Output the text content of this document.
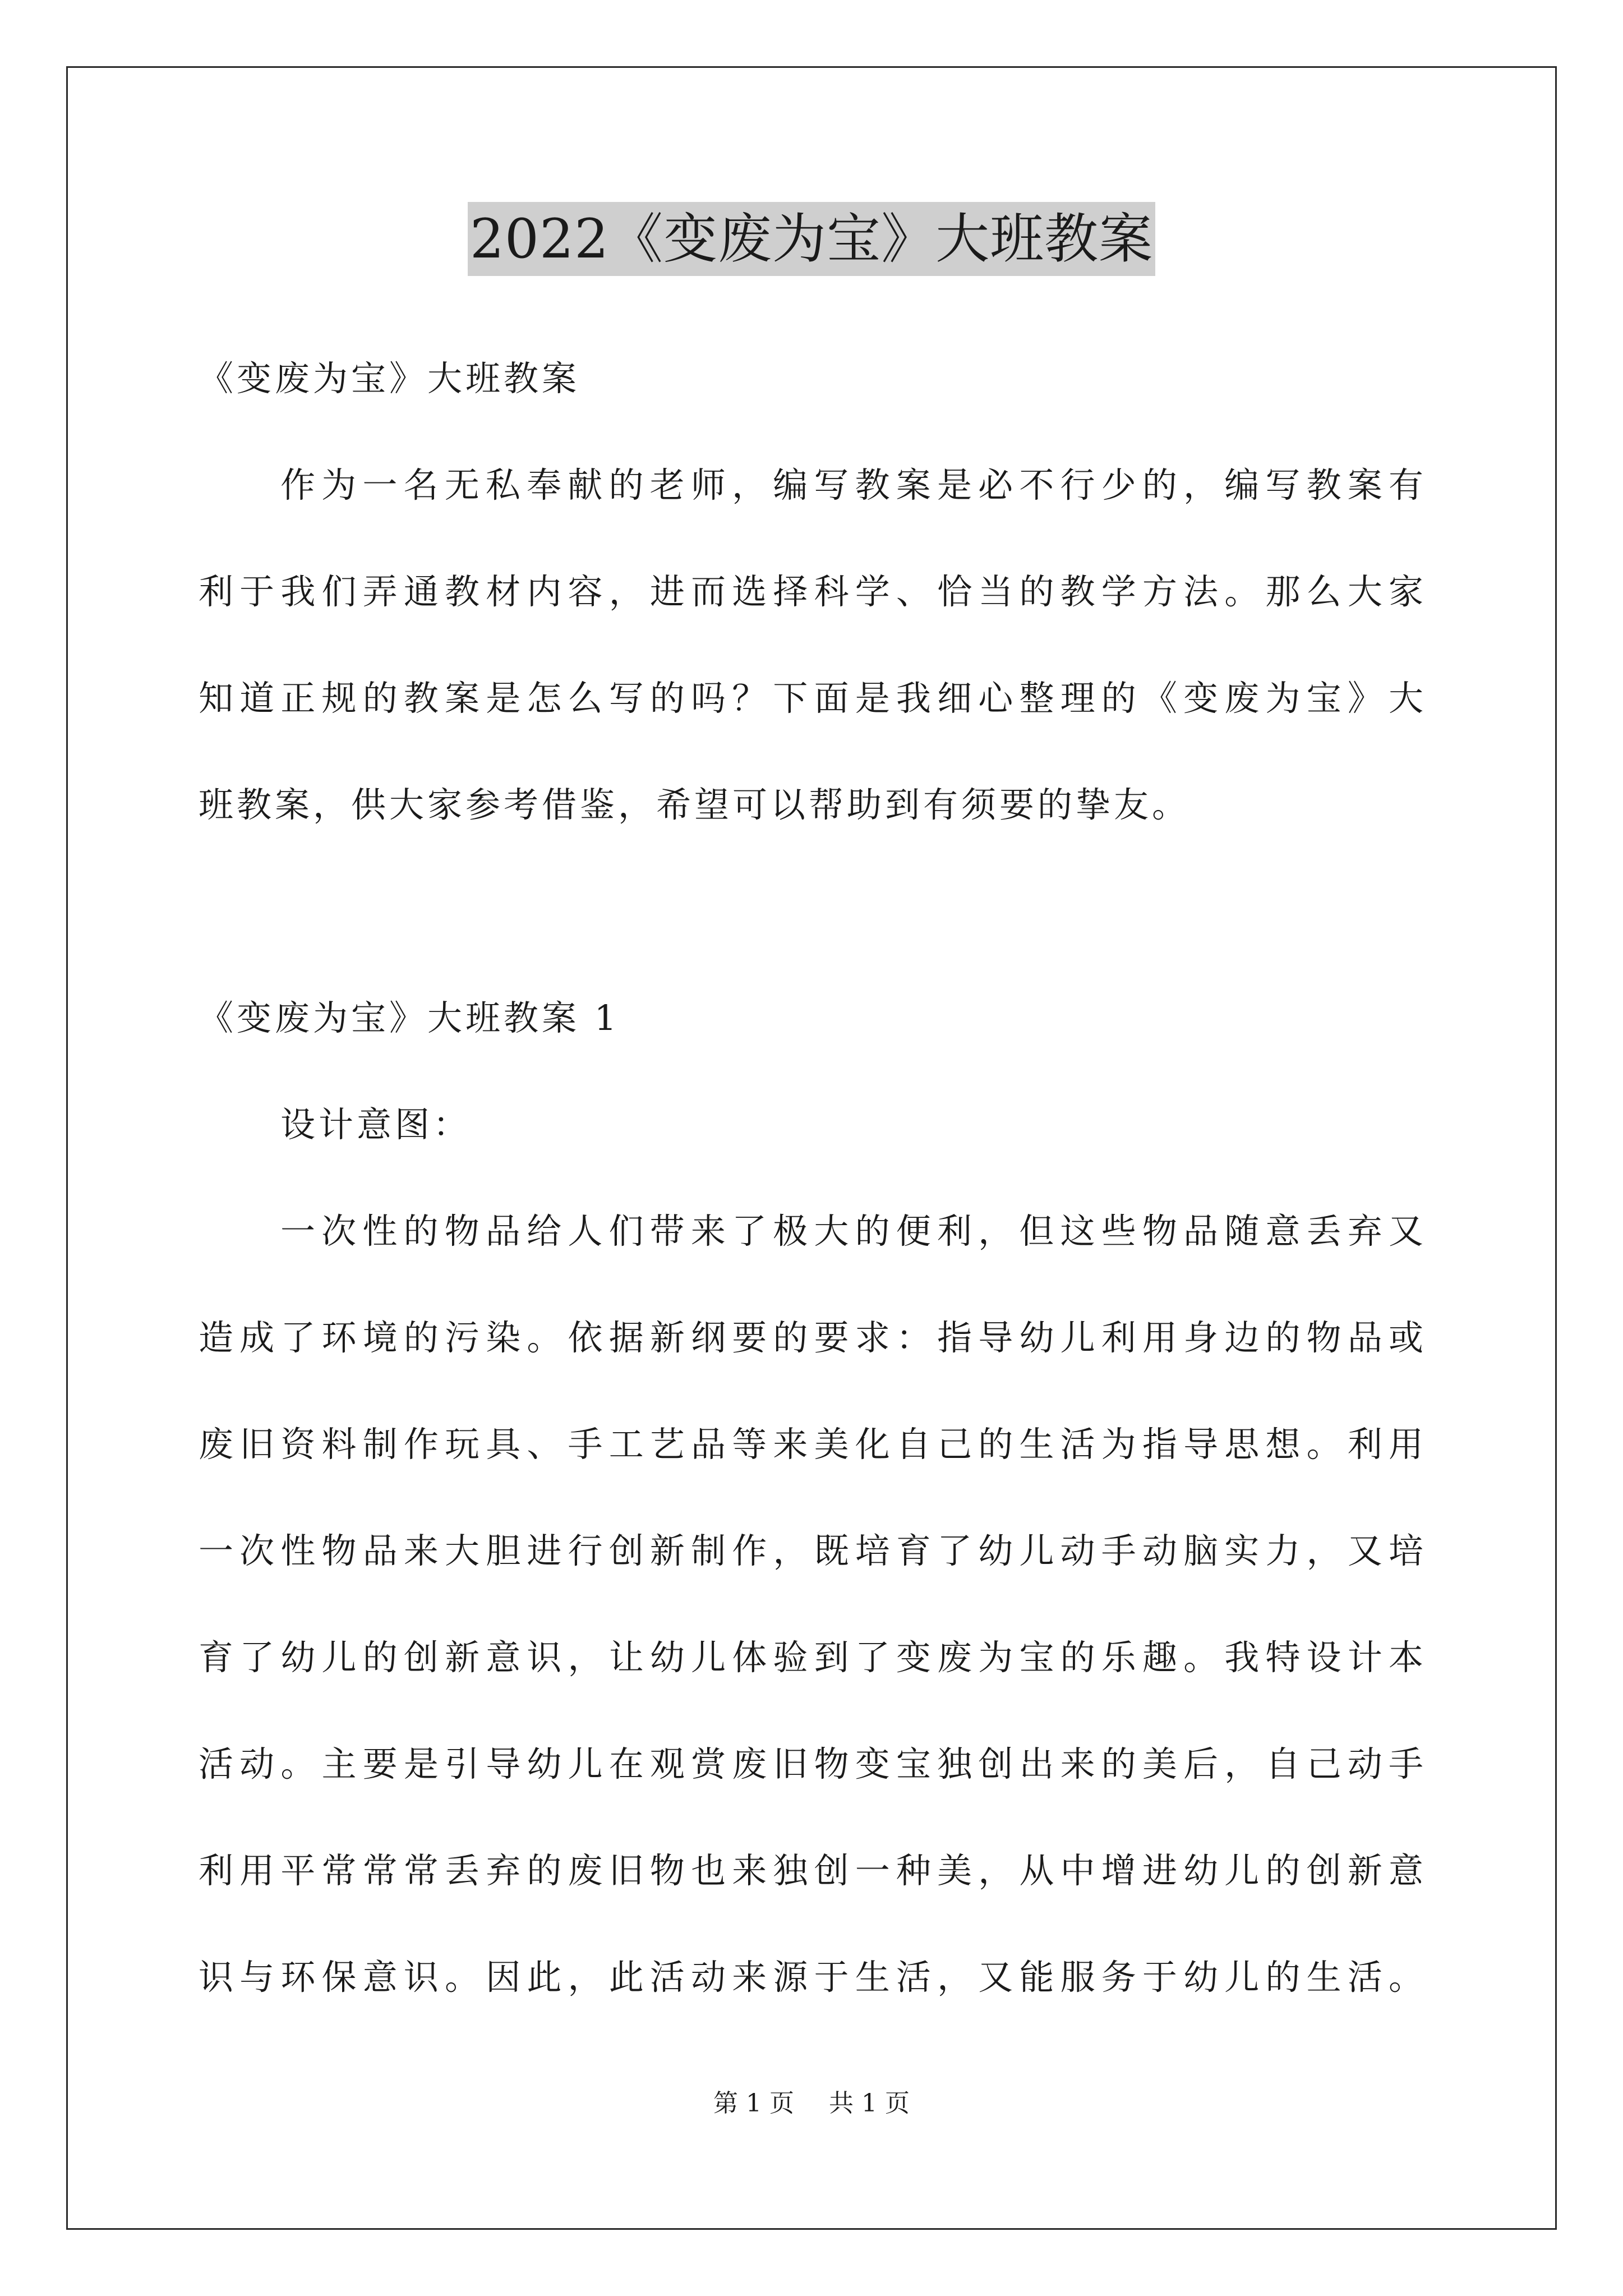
2022《变废为宝》大班教案
《变废为宝》大班教案
作为一名无私奉献的老师，编写教案是必不行少的，编写教案有
利于我们弄通教材内容，进而选择科学、恰当的教学方法。那么大家
知道正规的教案是怎么写的吗？下面是我细心整理的《变废为宝》大
班教案，供大家参考借鉴，希望可以帮助到有须要的挚友。
《变废为宝》大班教案 1
设计意图：
一次性的物品给人们带来了极大的便利，但这些物品随意丢弃又
造成了环境的污染。依据新纲要的要求：指导幼儿利用身边的物品或
废旧资料制作玩具、手工艺品等来美化自己的生活为指导思想。利用
一次性物品来大胆进行创新制作，既培育了幼儿动手动脑实力，又培
育了幼儿的创新意识，让幼儿体验到了变废为宝的乐趣。我特设计本
活动。主要是引导幼儿在观赏废旧物变宝独创出来的美后，自己动手
利用平常常常丢弃的废旧物也来独创一种美，从中增进幼儿的创新意
识与环保意识。因此，此活动来源于生活，又能服务于幼儿的生活。
第 1 页 共 1 页
